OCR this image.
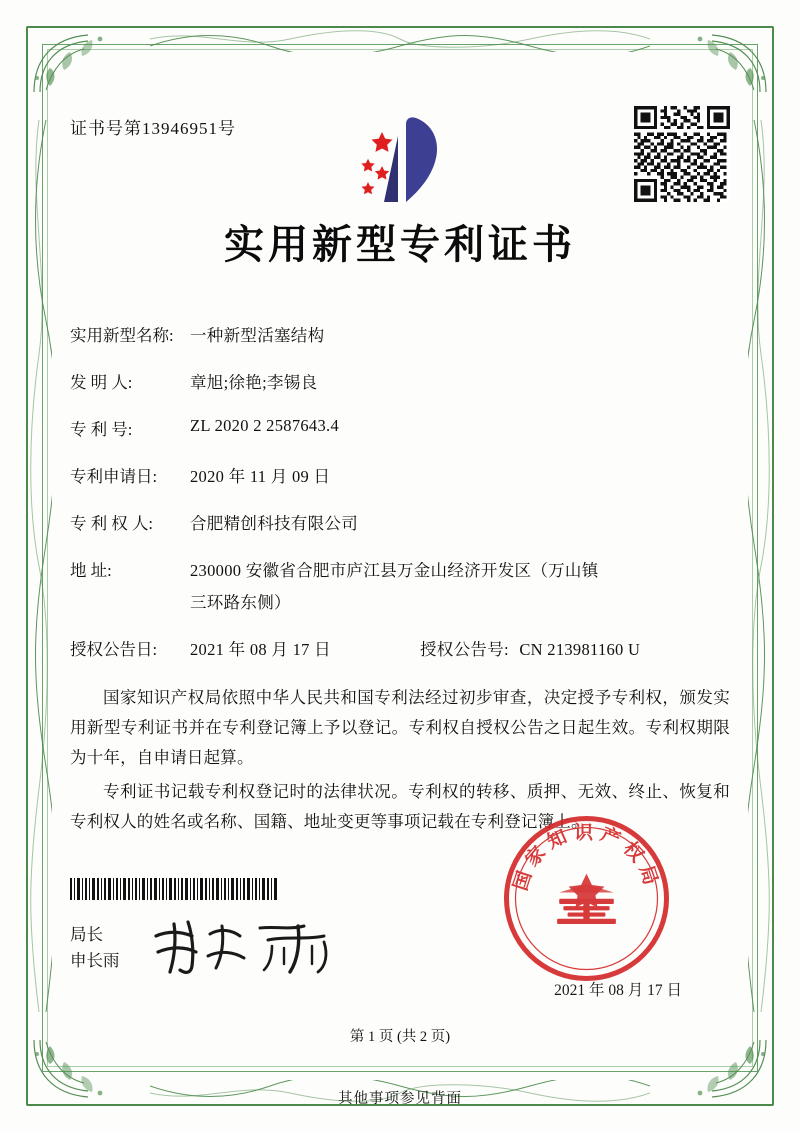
证书号第13946951号
实用新型专利证书
实用新型名称: 一种新型活塞结构
发 明 人:	章旭;徐艳;李锡良
专 利 号:	ZL 2020 2 2587643.4
专利申请日:	2020 年 11 月 09 日
专 利 权 人:	合肥精创科技有限公司
地 址:	230000 安徽省合肥市庐江县万金山经济开发区（万山镇
三环路东侧）
授权公告日:	2021 年 08 月 17 日	授权公告号: CN 213981160 U

国家知识产权局依照中华人民共和国专利法经过初步审查，决定授予专利权，颁发实用新型专利证书并在专利登记簿上予以登记。专利权自授权公告之日起生效。专利权期限为十年，自申请日起算。

专利证书记载专利权登记时的法律状况。专利权的转移、质押、无效、终止、恢复和专利权人的姓名或名称、国籍、地址变更等事项记载在专利登记簿上。

局长
申长雨
国家知识产权局
2021 年 08 月 17 日
第 1 页 (共 2 页)
其他事项参见背面
